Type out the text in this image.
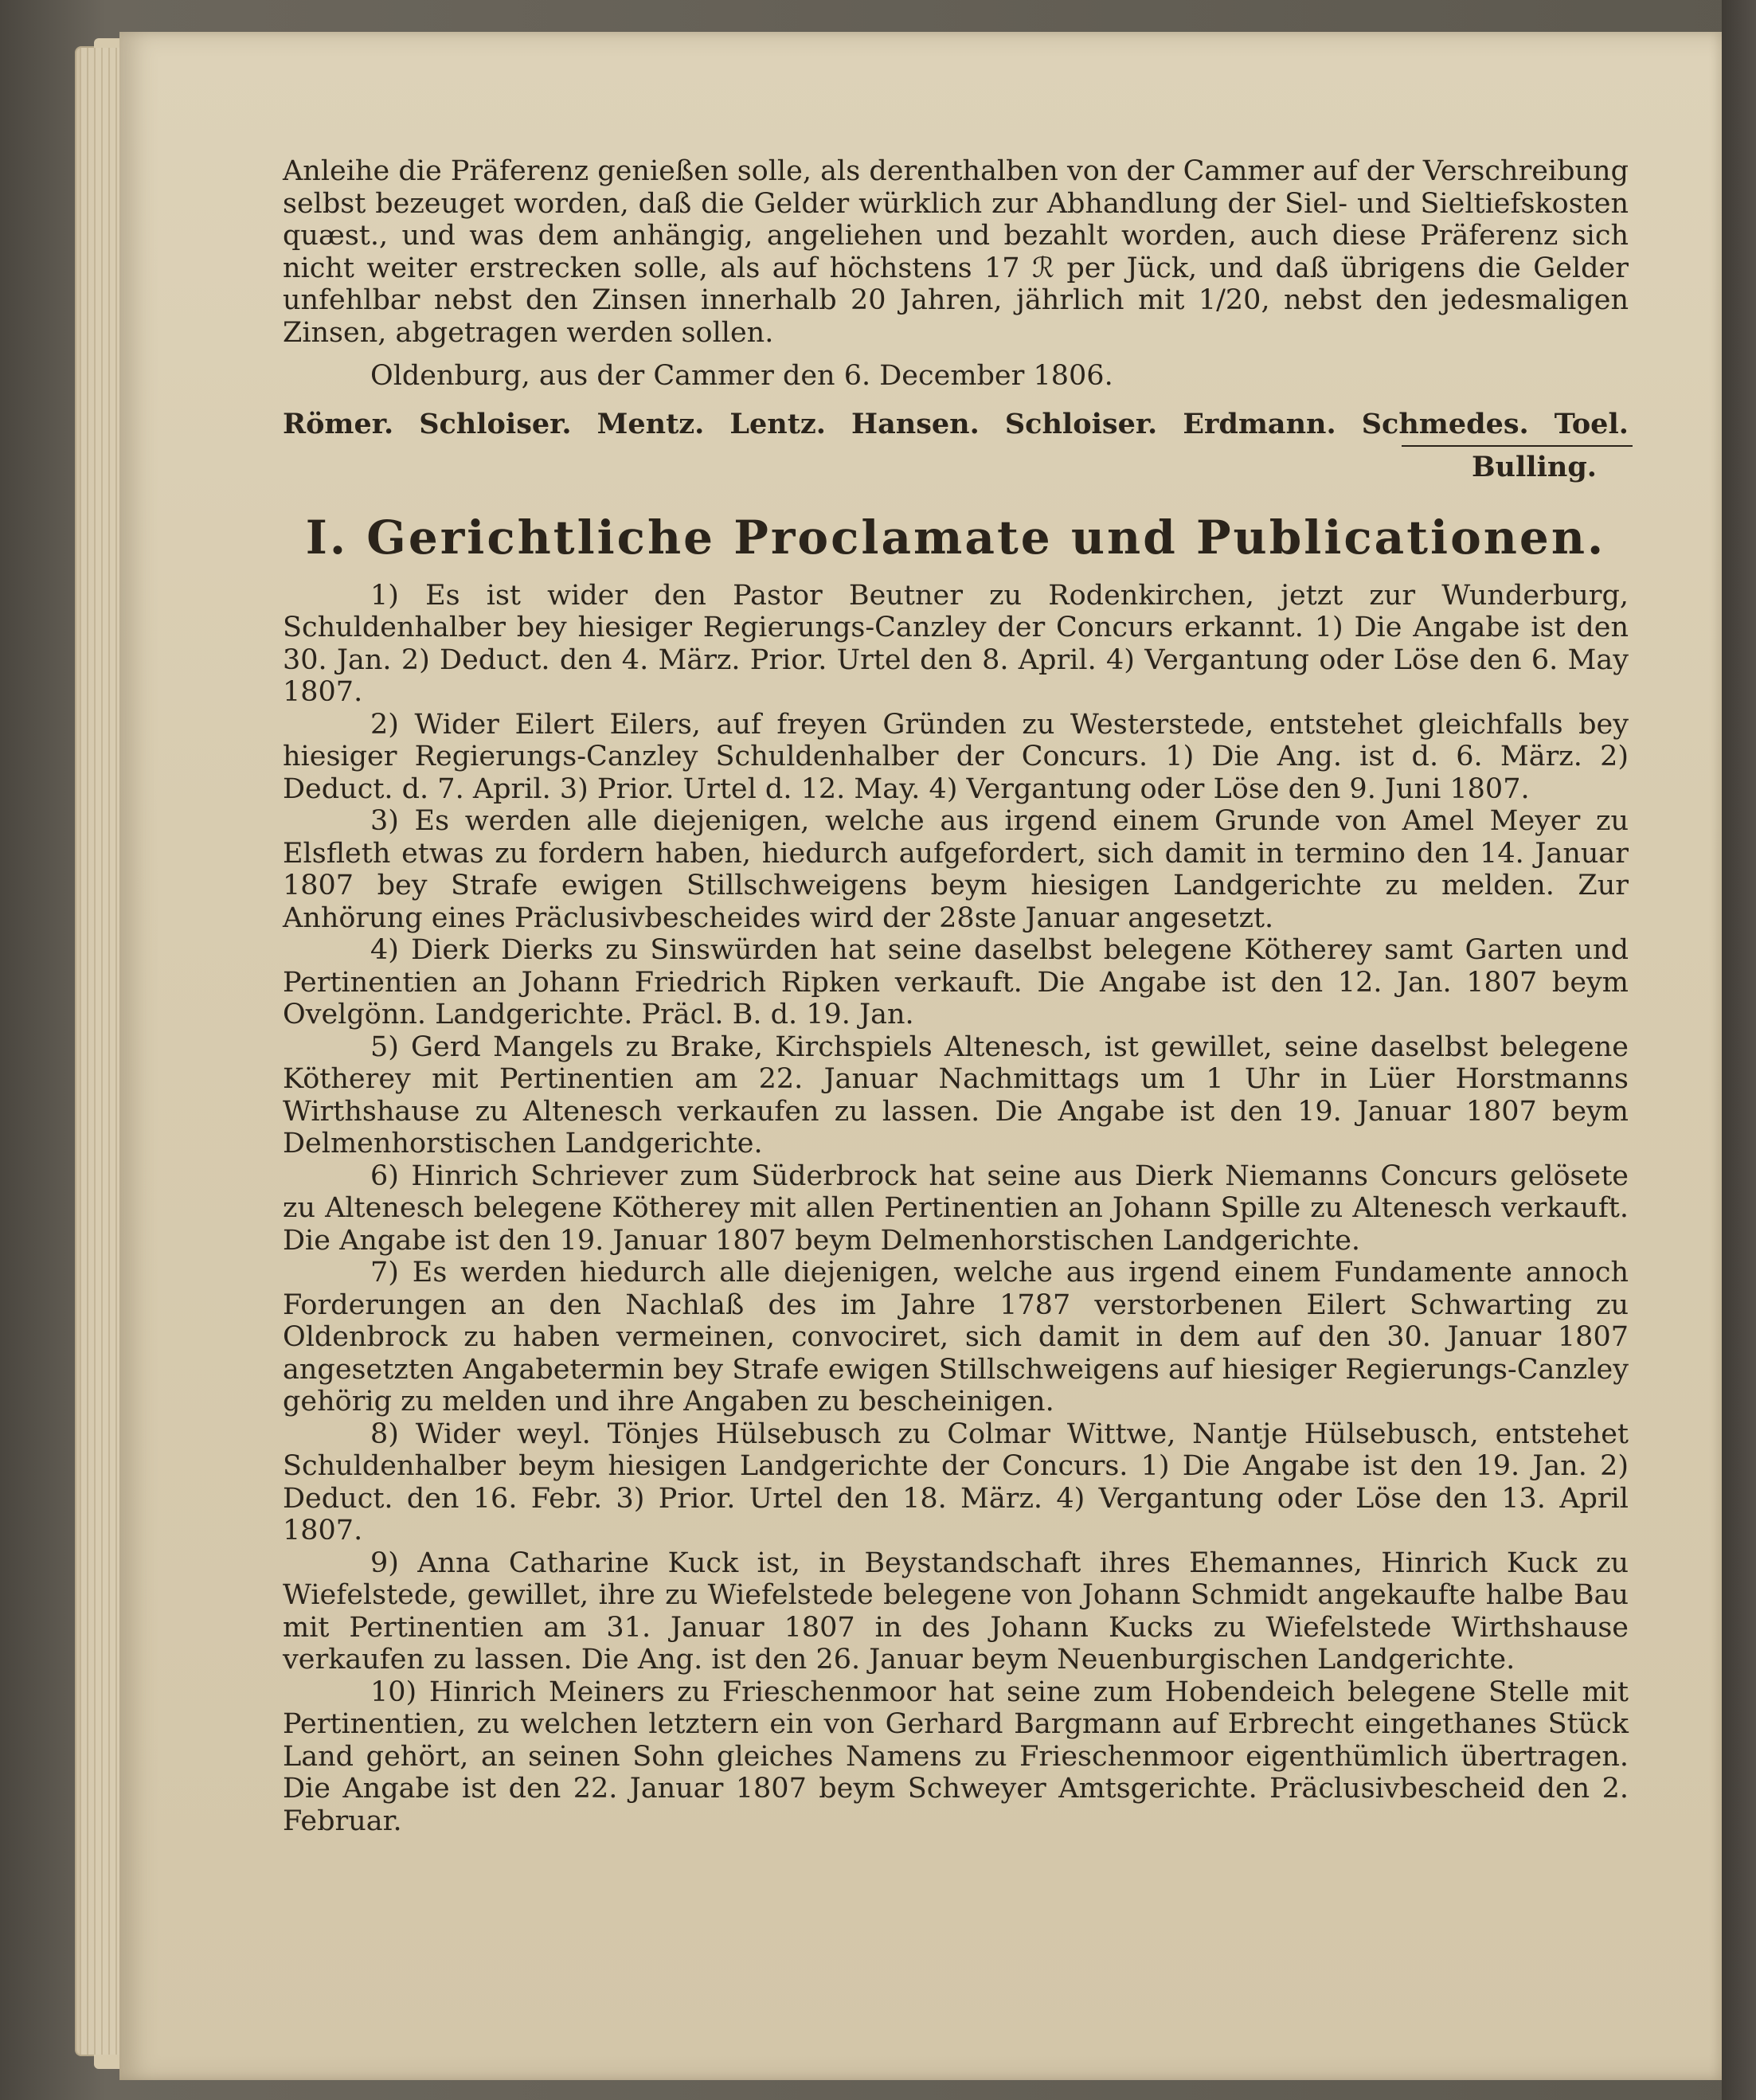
Anleihe die Präferenz genießen solle, als derenthalben von der Cammer auf der Verschreibung selbst bezeuget worden, daß die Gelder würklich zur Abhandlung der Siel- und Sieltiefskosten quæst., und was dem anhängig, angeliehen und bezahlt worden, auch diese Präferenz sich nicht weiter erstrecken solle, als auf höchstens 17 ℛ per Jück, und daß übrigens die Gelder unfehlbar nebst den Zinsen innerhalb 20 Jahren, jährlich mit 1/20, nebst den jedesmaligen Zinsen, abgetragen werden sollen.

Oldenburg, aus der Cammer den 6. December 1806.

Römer. Schloiser. Mentz. Lentz. Hansen. Schloiser. Erdmann. Schmedes. Toel.
Bulling.
I. Gerichtliche Proclamate und Publicationen.

1) Es ist wider den Pastor Beutner zu Rodenkirchen, jetzt zur Wunderburg, Schuldenhalber bey hiesiger Regierungs-Canzley der Concurs erkannt. 1) Die Angabe ist den 30. Jan. 2) Deduct. den 4. März. Prior. Urtel den 8. April. 4) Vergantung oder Löse den 6. May 1807.

2) Wider Eilert Eilers, auf freyen Gründen zu Westerstede, entstehet gleichfalls bey hiesiger Regierungs-Canzley Schuldenhalber der Concurs. 1) Die Ang. ist d. 6. März. 2) Deduct. d. 7. April. 3) Prior. Urtel d. 12. May. 4) Vergantung oder Löse den 9. Juni 1807.

3) Es werden alle diejenigen, welche aus irgend einem Grunde von Amel Meyer zu Elsfleth etwas zu fordern haben, hiedurch aufgefordert, sich damit in termino den 14. Januar 1807 bey Strafe ewigen Stillschweigens beym hiesigen Landgerichte zu melden. Zur Anhörung eines Präclusivbescheides wird der 28ste Januar angesetzt.

4) Dierk Dierks zu Sinswürden hat seine daselbst belegene Kötherey samt Garten und Pertinentien an Johann Friedrich Ripken verkauft. Die Angabe ist den 12. Jan. 1807 beym Ovelgönn. Landgerichte. Präcl. B. d. 19. Jan.

5) Gerd Mangels zu Brake, Kirchspiels Altenesch, ist gewillet, seine daselbst belegene Kötherey mit Pertinentien am 22. Januar Nachmittags um 1 Uhr in Lüer Horstmanns Wirthshause zu Altenesch verkaufen zu lassen. Die Angabe ist den 19. Januar 1807 beym Delmenhorstischen Landgerichte.

6) Hinrich Schriever zum Süderbrock hat seine aus Dierk Niemanns Concurs gelösete zu Altenesch belegene Kötherey mit allen Pertinentien an Johann Spille zu Altenesch verkauft. Die Angabe ist den 19. Januar 1807 beym Delmenhorstischen Landgerichte.

7) Es werden hiedurch alle diejenigen, welche aus irgend einem Fundamente annoch Forderungen an den Nachlaß des im Jahre 1787 verstorbenen Eilert Schwarting zu Oldenbrock zu haben vermeinen, convociret, sich damit in dem auf den 30. Januar 1807 angesetzten Angabetermin bey Strafe ewigen Stillschweigens auf hiesiger Regierungs-Canzley gehörig zu melden und ihre Angaben zu bescheinigen.

8) Wider weyl. Tönjes Hülsebusch zu Colmar Wittwe, Nantje Hülsebusch, entstehet Schuldenhalber beym hiesigen Landgerichte der Concurs. 1) Die Angabe ist den 19. Jan. 2) Deduct. den 16. Febr. 3) Prior. Urtel den 18. März. 4) Vergantung oder Löse den 13. April 1807.

9) Anna Catharine Kuck ist, in Beystandschaft ihres Ehemannes, Hinrich Kuck zu Wiefelstede, gewillet, ihre zu Wiefelstede belegene von Johann Schmidt angekaufte halbe Bau mit Pertinentien am 31. Januar 1807 in des Johann Kucks zu Wiefelstede Wirthshause verkaufen zu lassen. Die Ang. ist den 26. Januar beym Neuenburgischen Landgerichte.

10) Hinrich Meiners zu Frieschenmoor hat seine zum Hobendeich belegene Stelle mit Pertinentien, zu welchen letztern ein von Gerhard Bargmann auf Erbrecht eingethanes Stück Land gehört, an seinen Sohn gleiches Namens zu Frieschenmoor eigenthümlich übertragen. Die Angabe ist den 22. Januar 1807 beym Schweyer Amtsgerichte. Präclusivbescheid den 2. Februar.
